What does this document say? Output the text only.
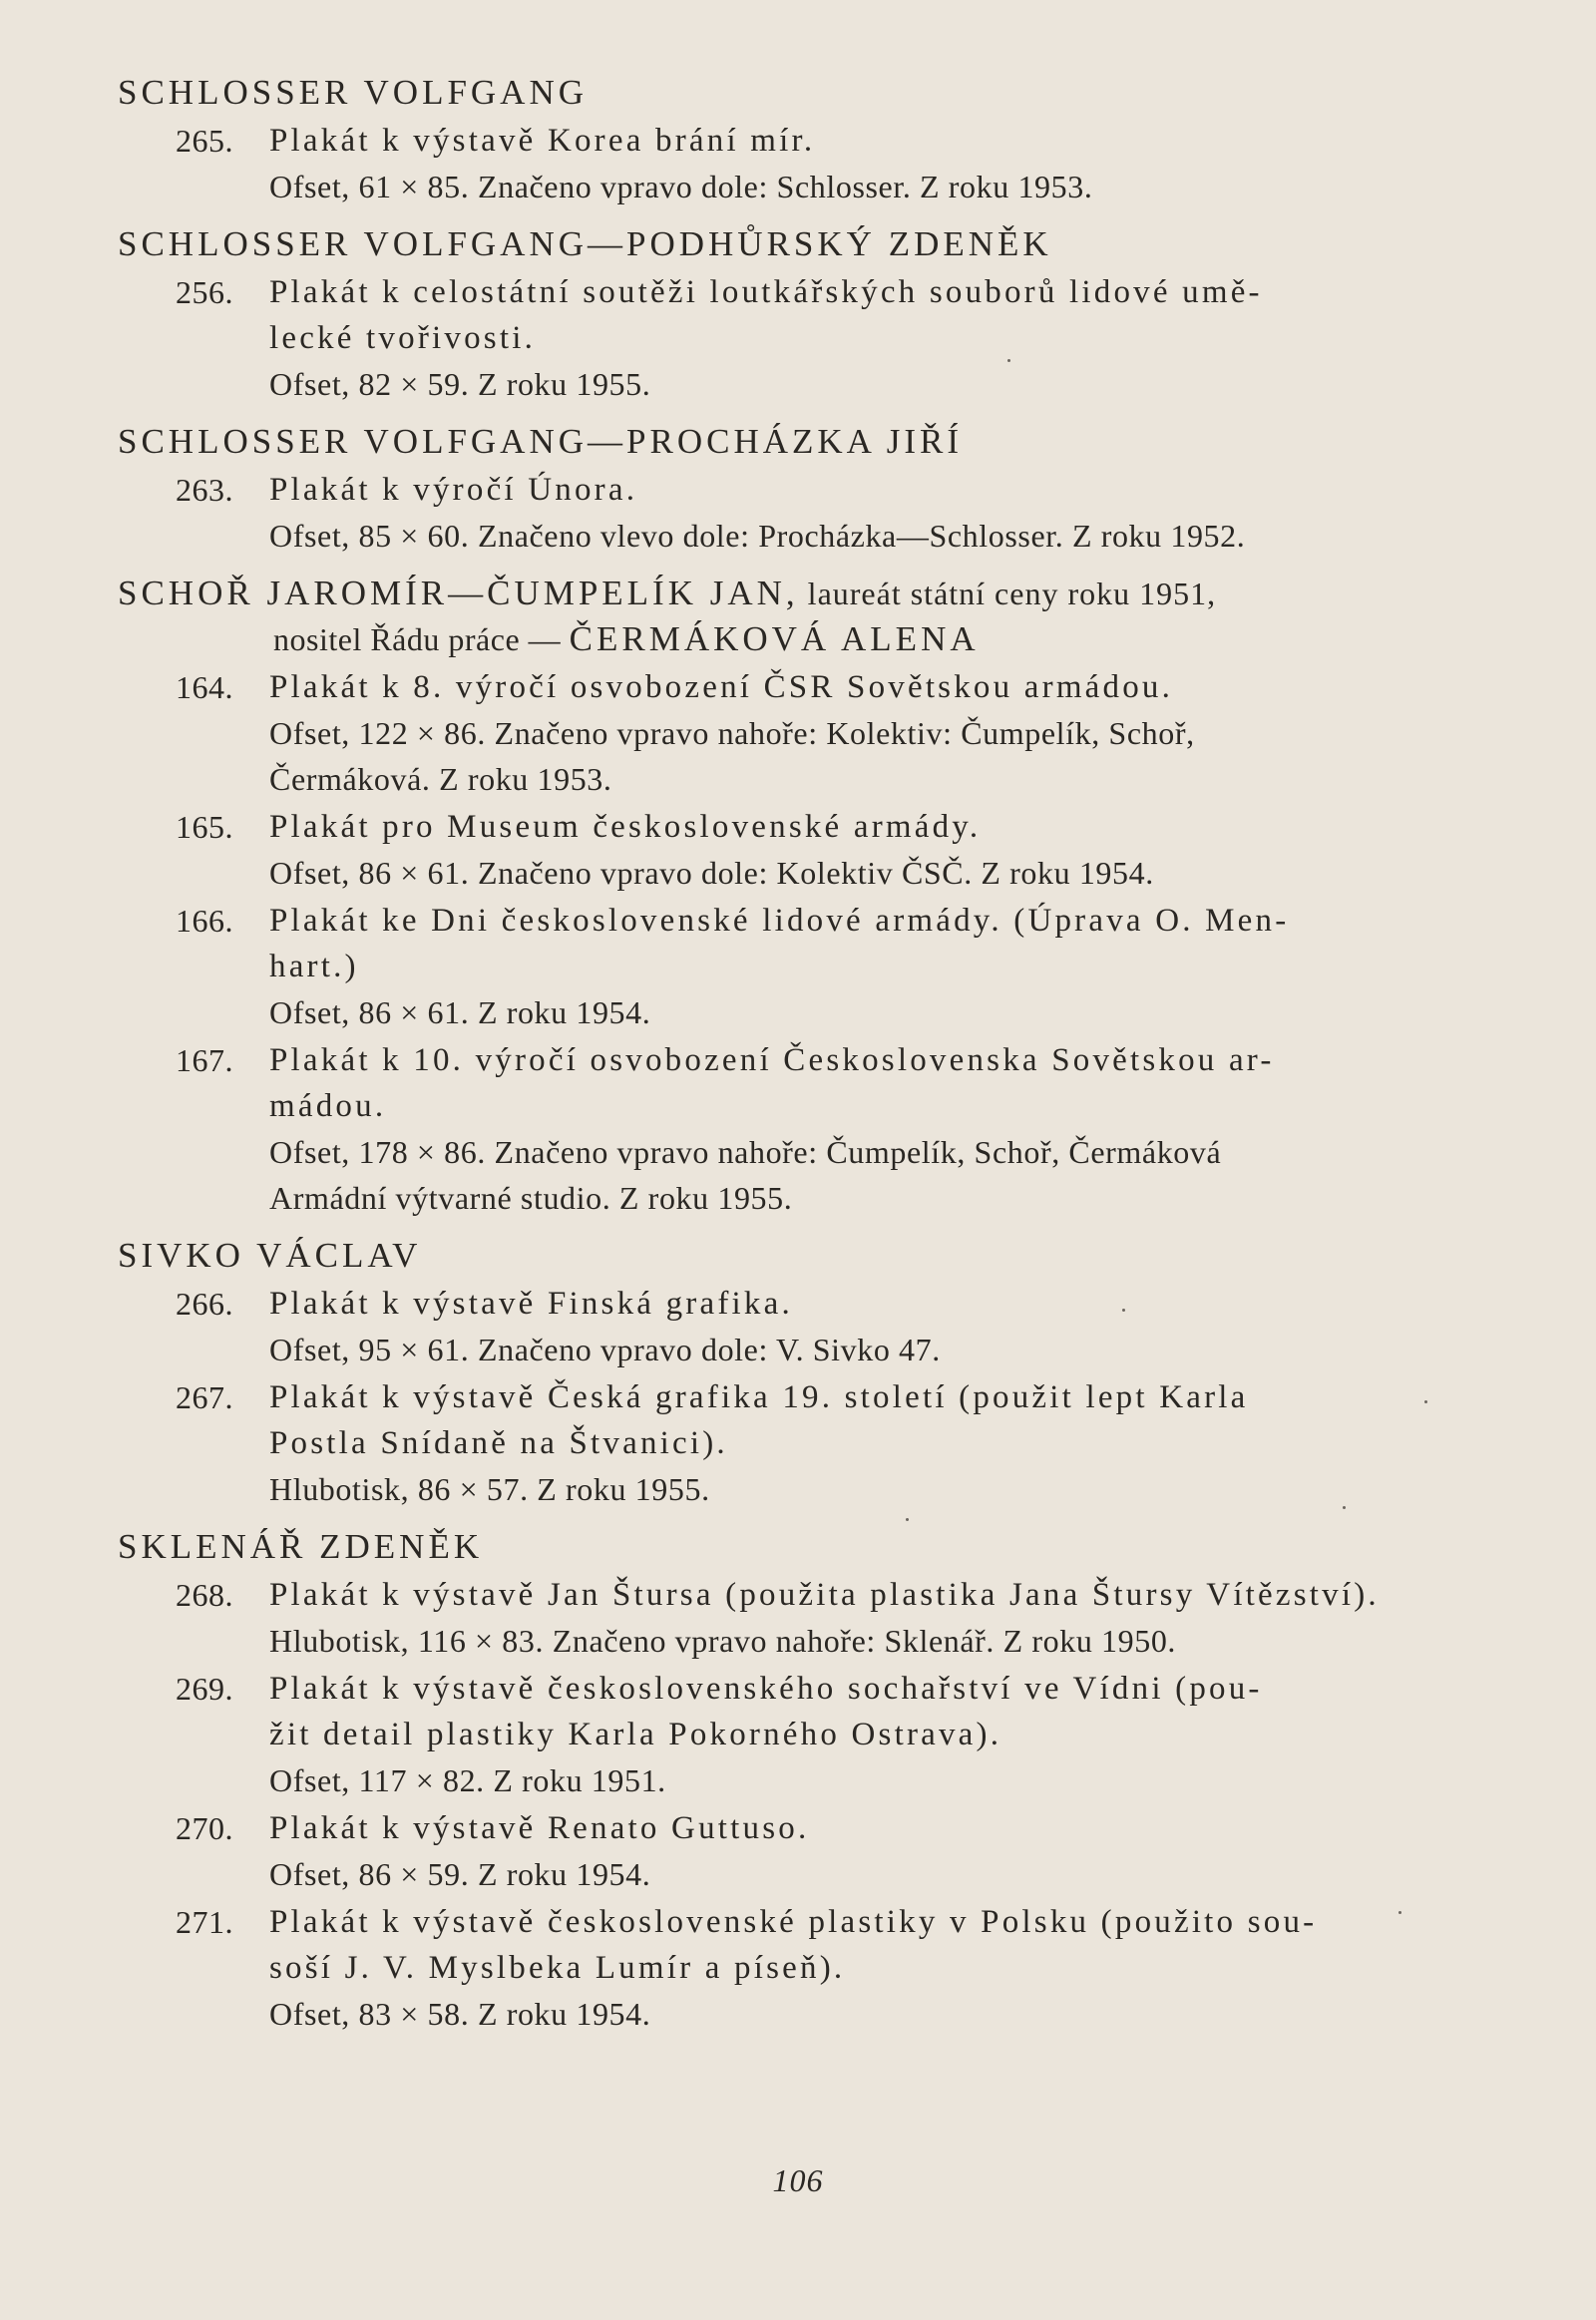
SCHLOSSER VOLFGANG
265. Plakát k výstavě Korea brání mír.
Ofset, 61 × 85. Značeno vpravo dole: Schlosser. Z roku 1953.
SCHLOSSER VOLFGANG—PODHŮRSKÝ ZDENĚK
256. Plakát k celostátní soutěži loutkářských souborů lidové umě-
lecké tvořivosti.
Ofset, 82 × 59. Z roku 1955.
SCHLOSSER VOLFGANG—PROCHÁZKA JIŘÍ
263. Plakát k výročí Února.
Ofset, 85 × 60. Značeno vlevo dole: Procházka—Schlosser. Z roku 1952.
SCHOŘ JAROMÍR—ČUMPELÍK JAN, laureát státní ceny roku 1951,
nositel Řádu práce — ČERMÁKOVÁ ALENA
164. Plakát k 8. výročí osvobození ČSR Sovětskou armádou.
Ofset, 122 × 86. Značeno vpravo nahoře: Kolektiv: Čumpelík, Schoř,
Čermáková. Z roku 1953.
165. Plakát pro Museum československé armády.
Ofset, 86 × 61. Značeno vpravo dole: Kolektiv ČSČ. Z roku 1954.
166. Plakát ke Dni československé lidové armády. (Úprava O. Men-
hart.)
Ofset, 86 × 61. Z roku 1954.
167. Plakát k 10. výročí osvobození Československa Sovětskou ar-
mádou.
Ofset, 178 × 86. Značeno vpravo nahoře: Čumpelík, Schoř, Čermáková
Armádní výtvarné studio. Z roku 1955.
SIVKO VÁCLAV
266. Plakát k výstavě Finská grafika.
Ofset, 95 × 61. Značeno vpravo dole: V. Sivko 47.
267. Plakát k výstavě Česká grafika 19. století (použit lept Karla
Postla Snídaně na Štvanici).
Hlubotisk, 86 × 57. Z roku 1955.
SKLENÁŘ ZDENĚK
268. Plakát k výstavě Jan Štursa (použita plastika Jana Štursy Vítězství).
Hlubotisk, 116 × 83. Značeno vpravo nahoře: Sklenář. Z roku 1950.
269. Plakát k výstavě československého sochařství ve Vídni (pou-
žit detail plastiky Karla Pokorného Ostrava).
Ofset, 117 × 82. Z roku 1951.
270. Plakát k výstavě Renato Guttuso.
Ofset, 86 × 59. Z roku 1954.
271. Plakát k výstavě československé plastiky v Polsku (použito sou-
soší J. V. Myslbeka Lumír a píseň).
Ofset, 83 × 58. Z roku 1954.
106
